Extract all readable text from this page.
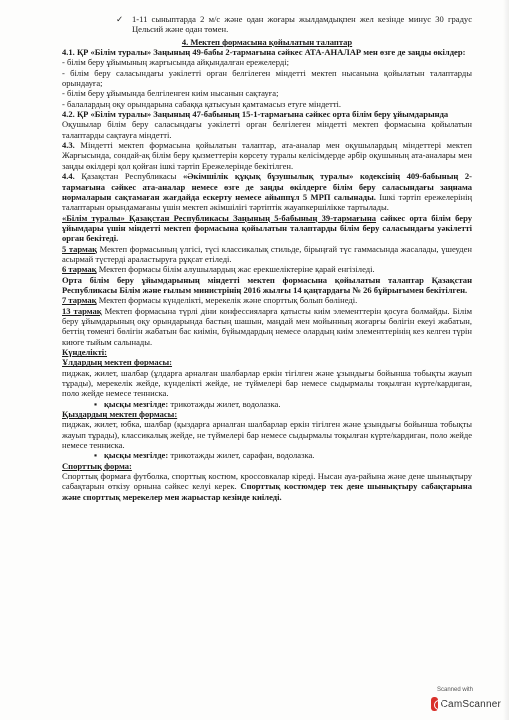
✓	1-11 сыныптарда 2 м/с және одан жоғары жылдамдықпен жел кезінде минус 30 градус Цельсий және одан төмен.

4. Мектеп формасына қойылатын талаптар

4.1. ҚР «Білім туралы» Заңының 49-бабы 2-тармағына сәйкес АТА-АНАЛАР мен өзге де заңды өкілдер:

- білім беру ұйымының жарғысында айқындалған ережелерді;

- білім беру саласындағы уәкілетті орган белгілеген міндетті мектеп нысанына қойылатын талаптарды орындауға;

- білім беру ұйымында белгіленген киім нысанын сақтауға;

- балалардың оқу орындарына сабаққа қатысуын қамтамасыз етуге міндетті.

4.2. ҚР «Білім туралы» Заңының 47-бабының 15-1-тармағына сәйкес орта білім беру ұйымдарында

Оқушылар білім беру саласындағы уәкілетті орган белгілеген міндетті мектеп формасына қойылатын талаптарды сақтауға міндетті.

4.3. Міндетті мектеп формасына қойылатын талаптар, ата-аналар мен оқушылардың міндеттері мектеп Жарғысында, сондай-ақ білім беру қызметтерін көрсету туралы келісімдерде әрбір оқушының ата-аналары мен заңды өкілдері қол қойған ішкі тәртіп Ережелерінде бекітілген.

4.4. Қазақстан Республикасы «Әкімшілік құқық бұзушылық туралы» кодексінің 409-бабының 2-тармағына сәйкес ата-аналар немесе өзге де заңды өкілдерге білім беру саласындағы заңнама нормаларын сақтамаған жағдайда ескерту немесе айыппұл 5 МРП салынады. Ішкі тәртіп ережелерінің талаптарын орындамағаны үшін мектеп әкімшілігі тәртіптік жауапкершілікке тартылады.

«Білім туралы» Қазақстан Республикасы Заңының 5-бабының 39-тармағына сәйкес орта білім беру ұйымдары үшін міндетті мектеп формасына қойылатын талаптарды білім беру саласындағы уәкілетті орган бекітеді.

5 тармақ Мектеп формасының үлгісі, түсі классикалық стильде, бірыңғай түс гаммасында жасалады, үшеуден асырмай түстерді араластыруға рұқсат етіледі.

6 тармақ Мектеп формасы білім алушылардың жас ерекшеліктеріне қарай енгізіледі.

Орта білім беру ұйымдарының міндетті мектеп формасына қойылатын талаптар Қазақстан Республикасы Білім және ғылым министрінің 2016 жылғы 14 қаңтардағы № 26 бұйрығымен бекітілген.

7 тармақ Мектеп формасы күнделікті, мерекелік және спорттық болып бөлінеді.

13 тармақ Мектеп формасына түрлі діни конфессияларға қатысты киім элементтерін қосуға болмайды. Білім беру ұйымдарының оқу орындарында бастың шашын, маңдай мен мойынның жоғарғы бөлігін екеуі жабатын, беттің төменгі бөлігін жабатын бас киімін, бүйымдардың немесе олардың киім элементтерінің кез келген түрін киюге тыйым салынады.

Күнделікті:

Ұлдардың мектеп формасы:

пиджак, жилет, шалбар (ұлдарға арналған шалбарлар еркін тігілген және ұзындығы бойынша тобықты жауып тұрады), мерекелік жейде, күнделікті жейде, не түймелері бар немесе сыдырмалы тоқылған күрте/кардиган, поло жейде немесе тенниска.

▪ қысқы мезгілде: трикотажды жилет, водолазка.

Қыздардың мектеп формасы:

пиджак, жилет, юбка, шалбар (қыздарға арналған шалбарлар еркін тігілген және ұзындығы бойынша тобықты жауып тұрады), классикалық жейде, не түймелері бар немесе сыдырмалы тоқылған күрте/кардиган, поло жейде немесе тенниска.

▪ қысқы мезгілде: трикотажды жилет, сарафан, водолазка.

Спорттық форма:

Спорттық формаға футболка, спорттық костюм, кроссовкалар кіреді. Нысан ауа-райына және дене шынықтыру сабақтарын өткізу орнына сәйкес келуі керек. Спорттық костюмдер тек дене шынықтыру сабақтарына және спорттық мерекелер мен жарыстар кезінде киіледі.

Scanned with
CamScanner
